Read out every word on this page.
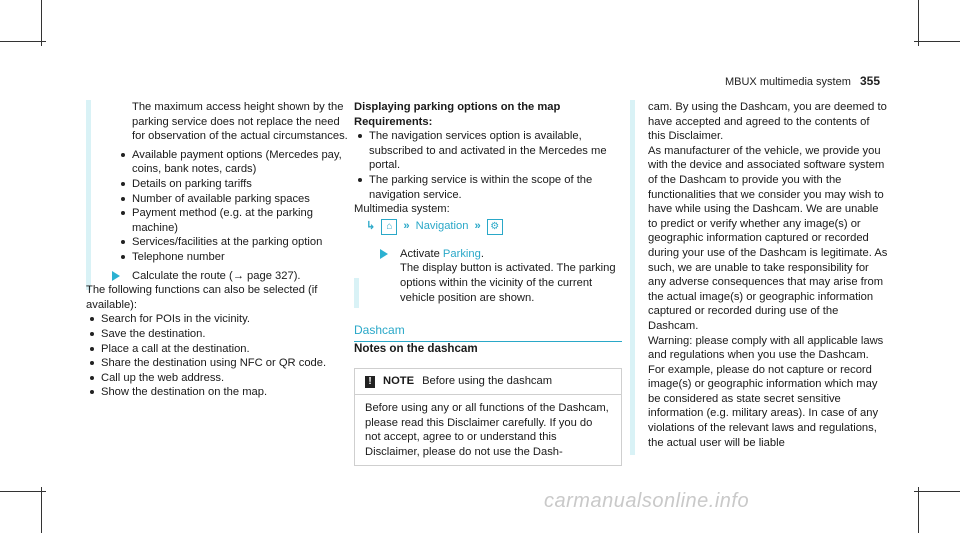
MBUX multimedia system 355

The maximum access height shown by the parking service does not replace the need for observation of the actual circumstances.

Available payment options (Mercedes pay, coins, bank notes, cards)
Details on parking tariffs
Number of available parking spaces
Payment method (e.g. at the parking machine)
Services/facilities at the parking option
Telephone number
Calculate the route (→ page 327).

The following functions can also be selected (if available):

Search for POIs in the vicinity.
Save the destination.
Place a call at the destination.
Share the destination using NFC or QR code.
Call up the web address.
Show the destination on the map.

Displaying parking options on the map

Requirements:

The navigation services option is available, subscribed to and activated in the Mercedes me portal.
The parking service is within the scope of the navigation service.

Multimedia system:

↳	⌂ » Navigation » ⚙
Activate Parking.
The display button is activated. The parking options within the vicinity of the current vehicle position are shown.
Dashcam

Notes on the dashcam

! NOTE Before using the dashcam
Before using any or all functions of the Dashcam, please read this Disclaimer carefully. If you do not accept, agree to or understand this Disclaimer, please do not use the Dash-

cam. By using the Dashcam, you are deemed to have accepted and agreed to the contents of this Disclaimer.

As manufacturer of the vehicle, we provide you with the device and associated software system of the Dashcam to provide you with the functionalities that we consider you may wish to have while using the Dashcam. We are unable to predict or verify whether any image(s) or geographic information captured or recorded during your use of the Dashcam is legitimate. As such, we are unable to take responsibility for any adverse consequences that may arise from the actual image(s) or geographic information captured or recorded during use of the Dashcam.

Warning: please comply with all applicable laws and regulations when you use the Dashcam. For example, please do not capture or record image(s) or geographic information which may be considered as state secret sensitive information (e.g. military areas). In case of any violations of the relevant laws and regulations, the actual user will be liable

carmanualsonline.info
